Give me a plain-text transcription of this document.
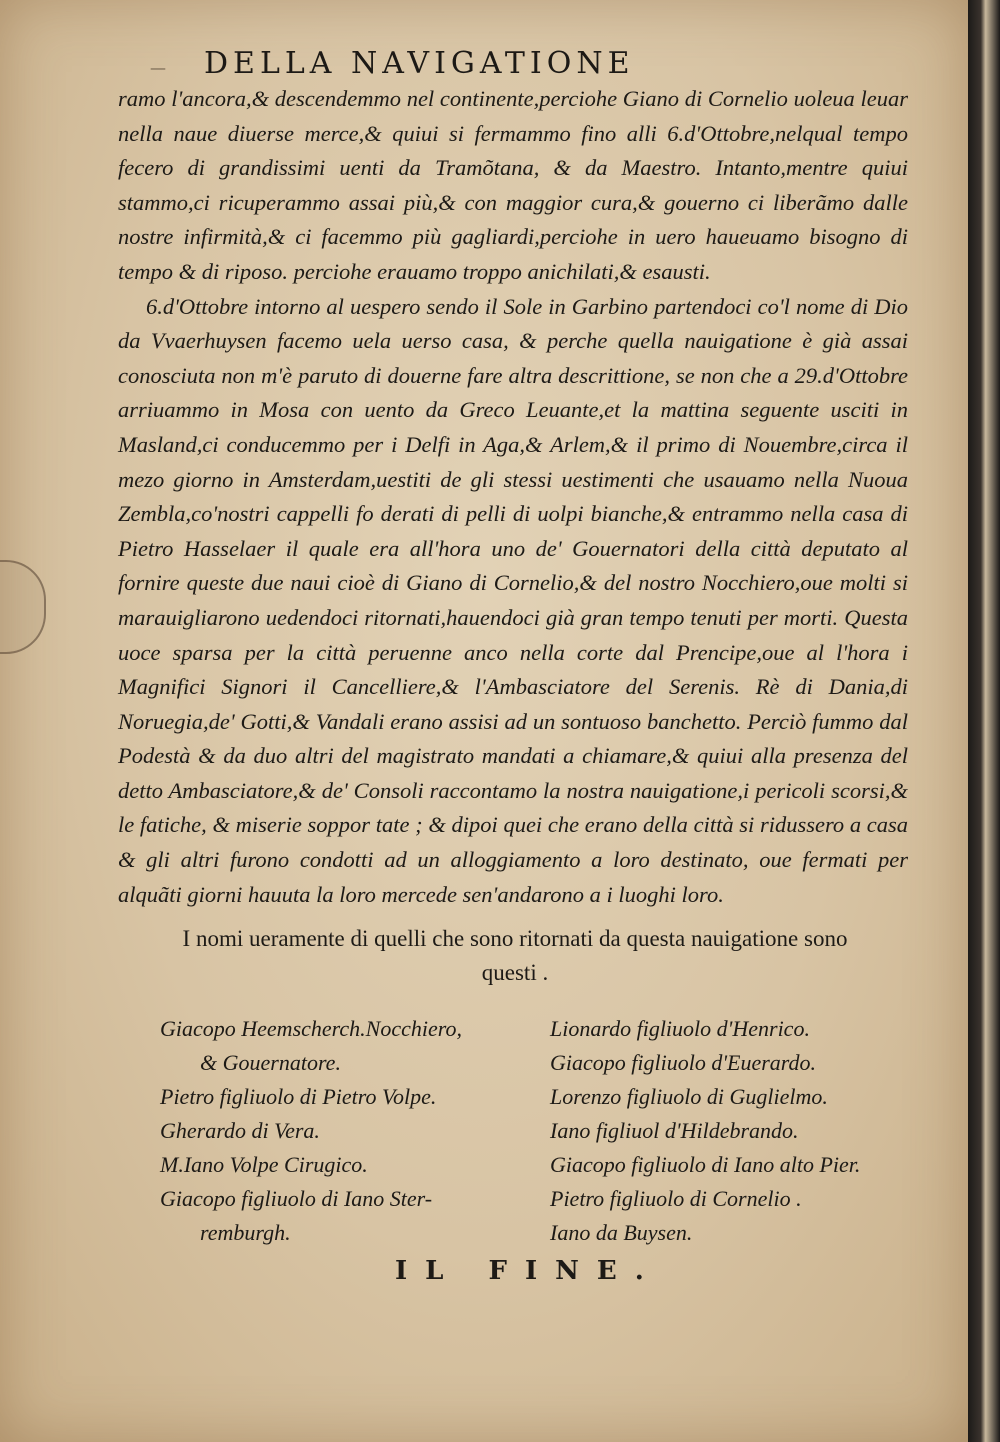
—	DELLA NAVIGATIONE

ramo l'ancora,& descendemmo nel continente,perciohe Giano di Cornelio uoleua leuar nella naue diuerse merce,& quiui si fermammo fino alli 6.d'Ottobre,nelqual tempo fecero di grandissimi uenti da Tramõtana, & da Maestro. Intanto,mentre quiui stammo,ci ricuperammo assai più,& con maggior cura,& gouerno ci liberãmo dalle nostre infirmità,& ci facemmo più gagliardi,perciohe in uero haueuamo bisogno di tempo & di riposo. perciohe erauamo troppo anichilati,& esausti.

6.d'Ottobre intorno al uespero sendo il Sole in Garbino partendoci co'l nome di Dio da Vvaerhuysen facemo uela uerso casa, & perche quella nauigatione è già assai conosciuta non m'è paruto di douerne fare altra descrittione, se non che a 29.d'Ottobre arriuammo in Mosa con uento da Greco Leuante,et la mattina seguente usciti in Masland,ci conducemmo per i Delfi in Aga,& Arlem,& il primo di Nouembre,circa il mezo giorno in Amsterdam,uestiti de gli stessi uestimenti che usauamo nella Nuoua Zembla,co'nostri cappelli fo derati di pelli di uolpi bianche,& entrammo nella casa di Pietro Hasselaer il quale era all'hora uno de' Gouernatori della città deputato al fornire queste due naui cioè di Giano di Cornelio,& del nostro Nocchiero,oue molti si marauigliarono uedendoci ritornati,hauendoci già gran tempo tenuti per morti. Questa uoce sparsa per la città peruenne anco nella corte dal Prencipe,oue al l'hora i Magnifici Signori il Cancelliere,& l'Ambasciatore del Serenis. Rè di Dania,di Noruegia,de' Gotti,& Vandali erano assisi ad un sontuoso banchetto. Perciò fummo dal Podestà & da duo altri del magistrato mandati a chiamare,& quiui alla presenza del detto Ambasciatore,& de' Consoli raccontamo la nostra nauigatione,i pericoli scorsi,& le fatiche, & miserie soppor tate ; & dipoi quei che erano della città si ridussero a casa & gli altri furono condotti ad un alloggiamento a loro destinato, oue fermati per alquãti giorni hauuta la loro mercede sen'andarono a i luoghi loro.

I nomi ueramente di quelli che sono ritornati da questa nauigatione sono questi .
Giacopo Heemscherch.Nocchiero,
& Gouernatore.
Pietro figliuolo di Pietro Volpe.
Gherardo di Vera.
M.Iano Volpe Cirugico.
Giacopo figliuolo di Iano Ster-
remburgh.
Lionardo figliuolo d'Henrico.
Giacopo figliuolo d'Euerardo.
Lorenzo figliuolo di Guglielmo.
Iano figliuol d'Hildebrando.
Giacopo figliuolo di Iano alto Pier.
Pietro figliuolo di Cornelio .
Iano da Buysen.
IL FINE.
